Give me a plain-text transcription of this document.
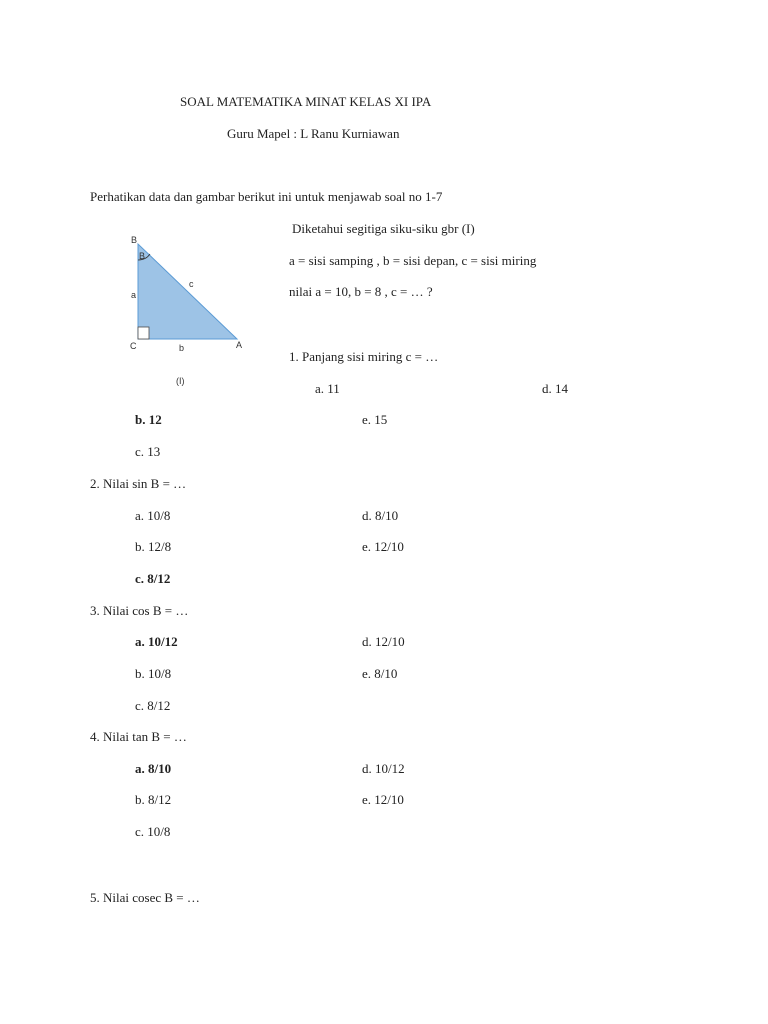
SOAL MATEMATIKA MINAT KELAS XI IPA
Guru Mapel : L Ranu Kurniawan
Perhatikan data dan gambar berikut ini untuk menjawab soal no 1-7
B
B
a
c
C	b	A
(I)
Diketahui segitiga siku-siku gbr (I)
a = sisi samping , b = sisi depan, c = sisi miring
nilai a = 10, b = 8 , c = … ?
1. Panjang sisi miring c = …
a. 11	d. 14
b. 12	e. 15
c. 13
2. Nilai sin B = …
a. 10/8	d. 8/10
b. 12/8	e. 12/10
c. 8/12
3. Nilai cos B = …
a. 10/12	d. 12/10
b. 10/8	e. 8/10
c. 8/12
4. Nilai tan B = …
a. 8/10	d. 10/12
b. 8/12	e. 12/10
c. 10/8
5. Nilai cosec B = …
